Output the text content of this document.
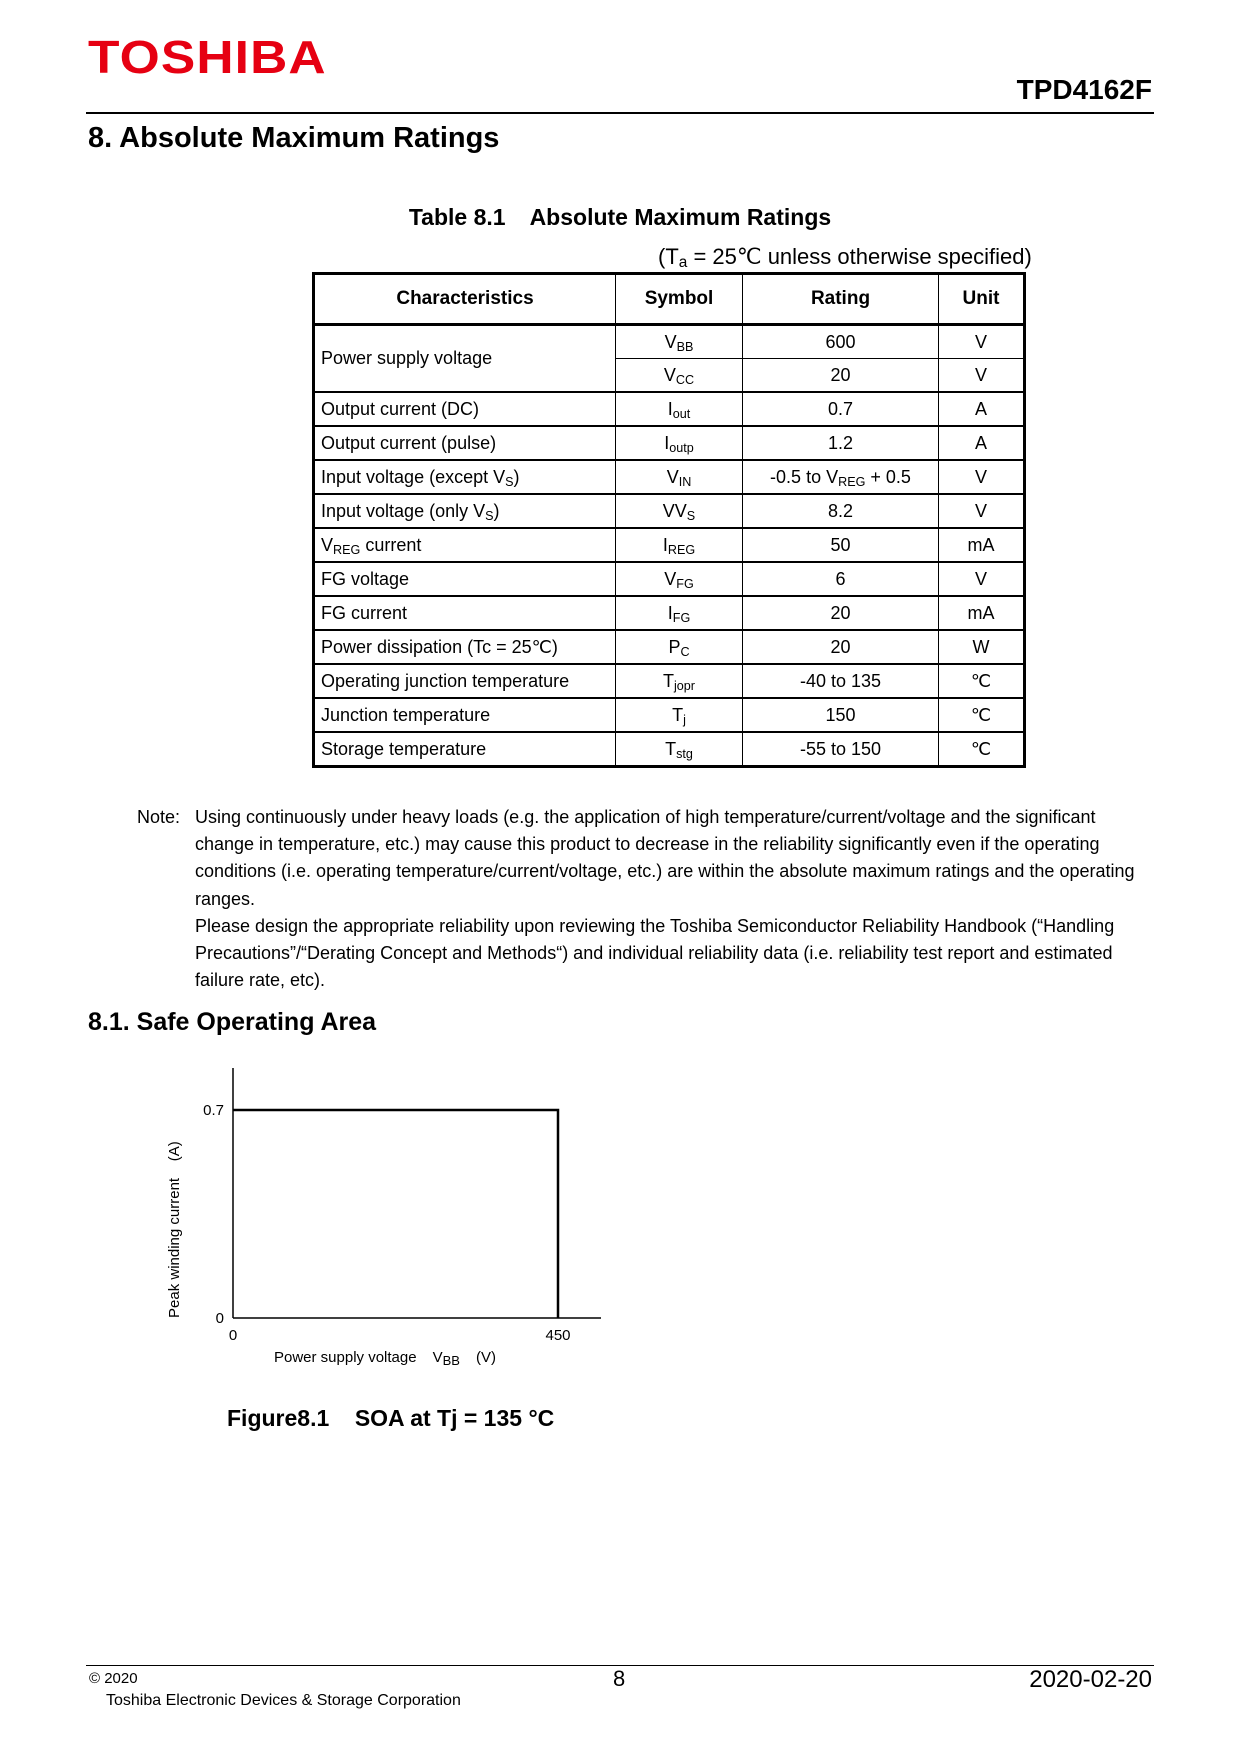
TOSHIBA
TPD4162F
8. Absolute Maximum Ratings
Table 8.1 Absolute Maximum Ratings
($T_a$ = 25℃ unless otherwise specified)
Characteristics	Symbol	Rating	Unit
Power supply voltage	$V_{BB}$	600	V
	$V_{CC}$	20	V
Output current (DC)	$I_{out}$	0.7	A
Output current (pulse)	$I_{outp}$	1.2	A
Input voltage (except $V_S$)	$V_{IN}$	-0.5 to $V_{REG} + 0.5$	V
Input voltage (only $V_S$)	$VV_S$	8.2	V
$V_{REG}$ current	$I_{REG}$	50	mA
FG voltage	$V_{FG}$	6	V
FG current	$I_{FG}$	20	mA
Power dissipation (Tc = 25℃)	$P_C$	20	W
Operating junction temperature	$T_{jopr}$	-40 to 135	℃
Junction temperature	$T_j$	150	℃
Storage temperature	$T_{stg}$	-55 to 150	℃
Note: Using continuously under heavy loads (e.g. the application of high temperature/current/voltage and the significant change in temperature, etc.) may cause this product to decrease in the reliability significantly even if the operating conditions (i.e. operating temperature/current/voltage, etc.) are within the absolute maximum ratings and the operating ranges.
Please design the appropriate reliability upon reviewing the Toshiba Semiconductor Reliability Handbook (“Handling Precautions”/“Derating Concept and Methods“) and individual reliability data (i.e. reliability test report and estimated failure rate, etc).
8.1. Safe Operating Area
0	450
0
0.7
Power supply voltage VBB (V)
Peak winding current    (A)
Figure8.1    SOA at Tj = 135 °C
© 2020
Toshiba Electronic Devices & Storage Corporation
8	2020-02-20
